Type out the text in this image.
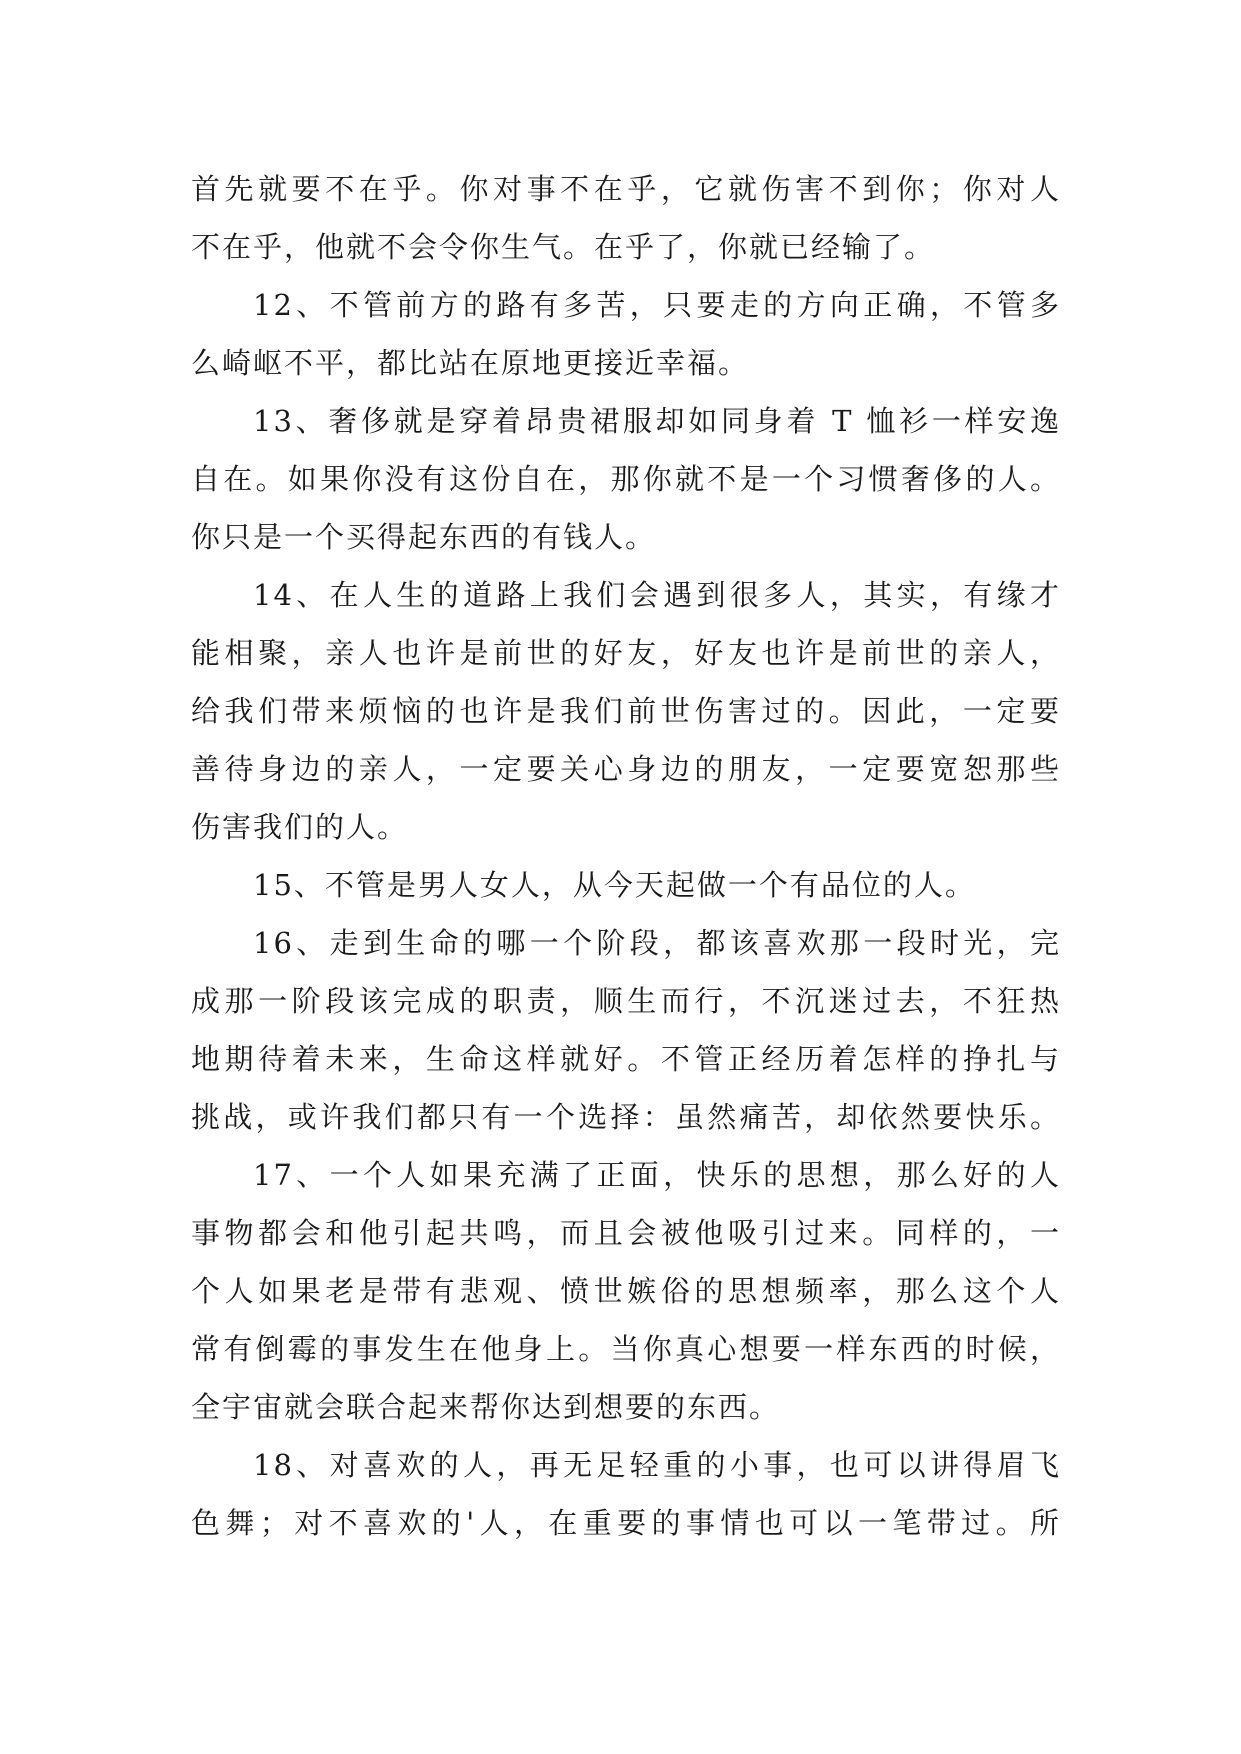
首先就要不在乎。你对事不在乎，它就伤害不到你；你对人
不在乎，他就不会令你生气。在乎了，你就已经输了。
12、不管前方的路有多苦，只要走的方向正确，不管多
么崎岖不平，都比站在原地更接近幸福。
13、奢侈就是穿着昂贵裙服却如同身着 T 恤衫一样安逸
自在。如果你没有这份自在，那你就不是一个习惯奢侈的人。
你只是一个买得起东西的有钱人。
14、在人生的道路上我们会遇到很多人，其实，有缘才
能相聚，亲人也许是前世的好友，好友也许是前世的亲人，
给我们带来烦恼的也许是我们前世伤害过的。因此，一定要
善待身边的亲人，一定要关心身边的朋友，一定要宽恕那些
伤害我们的人。
15、不管是男人女人，从今天起做一个有品位的人。
16、走到生命的哪一个阶段，都该喜欢那一段时光，完
成那一阶段该完成的职责，顺生而行，不沉迷过去，不狂热
地期待着未来，生命这样就好。不管正经历着怎样的挣扎与
挑战，或许我们都只有一个选择：虽然痛苦，却依然要快乐。
17、一个人如果充满了正面，快乐的思想，那么好的人
事物都会和他引起共鸣，而且会被他吸引过来。同样的，一
个人如果老是带有悲观、愤世嫉俗的思想频率，那么这个人
常有倒霉的事发生在他身上。当你真心想要一样东西的时候，
全宇宙就会联合起来帮你达到想要的东西。
18、对喜欢的人，再无足轻重的小事，也可以讲得眉飞
色舞；对不喜欢的'人，在重要的事情也可以一笔带过。所
